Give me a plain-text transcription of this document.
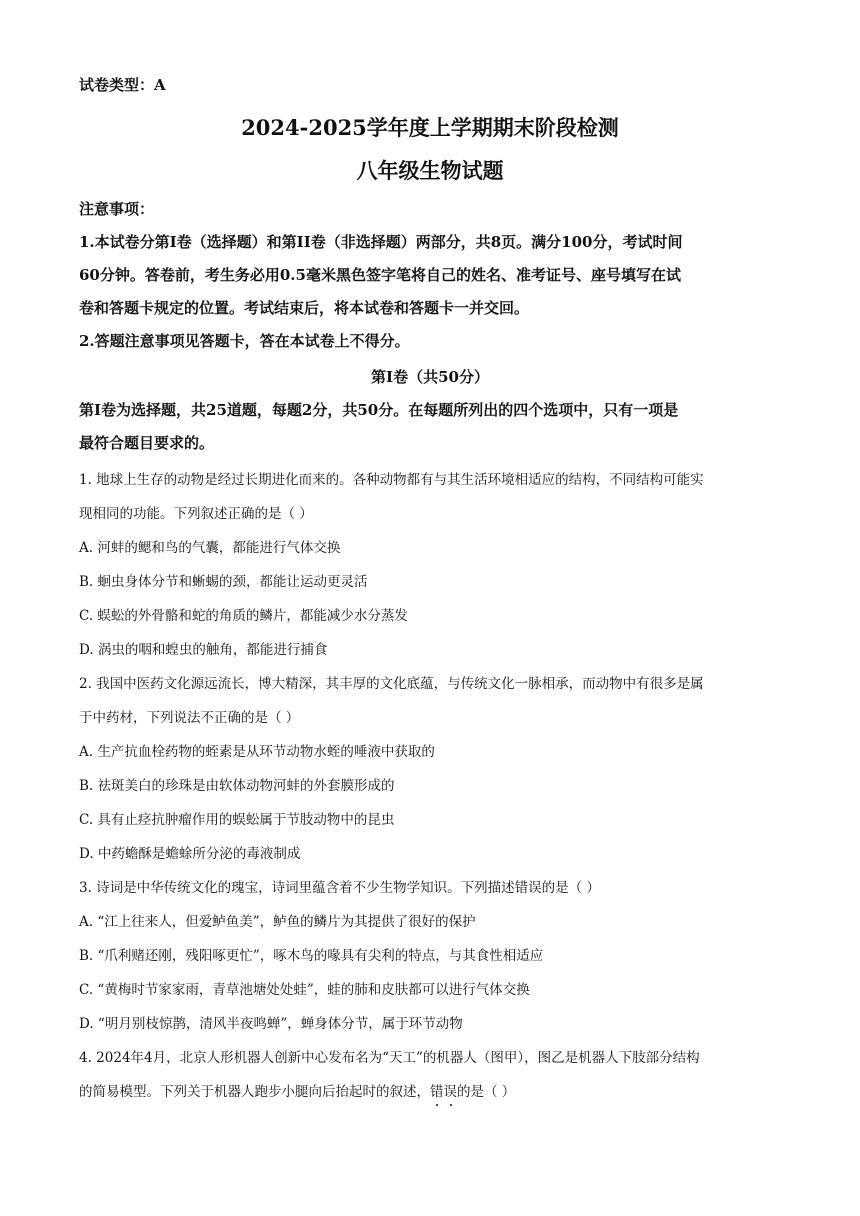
试卷类型：A
2024-2025学年度上学期期末阶段检测
八年级生物试题
注意事项：
1.本试卷分第I卷（选择题）和第II卷（非选择题）两部分，共8页。满分100分，考试时间
60分钟。答卷前，考生务必用0.5毫米黑色签字笔将自己的姓名、准考证号、座号填写在试
卷和答题卡规定的位置。考试结束后，将本试卷和答题卡一并交回。
2.答题注意事项见答题卡，答在本试卷上不得分。
第I卷（共50分）
第I卷为选择题，共25道题，每题2分，共50分。在每题所列出的四个选项中，只有一项是
最符合题目要求的。
1. 地球上生存的动物是经过长期进化而来的。各种动物都有与其生活环境相适应的结构，不同结构可能实
现相同的功能。下列叙述正确的是（ ）
A. 河蚌的鳃和鸟的气囊，都能进行气体交换
B. 蛔虫身体分节和蜥蜴的颈，都能让运动更灵活
C. 蜈蚣的外骨骼和蛇的角质的鳞片，都能减少水分蒸发
D. 涡虫的咽和蝗虫的触角，都能进行捕食
2. 我国中医药文化源远流长，博大精深，其丰厚的文化底蕴，与传统文化一脉相承，而动物中有很多是属
于中药材，下列说法不正确的是（ ）
A. 生产抗血栓药物的蛭素是从环节动物水蛭的唾液中获取的
B. 祛斑美白的珍珠是由软体动物河蚌的外套膜形成的
C. 具有止痉抗肿瘤作用的蜈蚣属于节肢动物中的昆虫
D. 中药蟾酥是蟾蜍所分泌的毒液制成
3. 诗词是中华传统文化的瑰宝，诗词里蕴含着不少生物学知识。下列描述错误的是（ ）
A. “江上往来人，但爱鲈鱼美”，鲈鱼的鳞片为其提供了很好的保护
B. “爪利赌还刚，残阳啄更忙”，啄木鸟的喙具有尖利的特点，与其食性相适应
C. “黄梅时节家家雨，青草池塘处处蛙”，蛙的肺和皮肤都可以进行气体交换
D. “明月别枝惊鹊，清风半夜鸣蝉”，蝉身体分节，属于环节动物
4. 2024年4月，北京人形机器人创新中心发布名为“天工”的机器人（图甲），图乙是机器人下肢部分结构
的简易模型。下列关于机器人跑步小腿向后抬起时的叙述，错误
的是（ ）
